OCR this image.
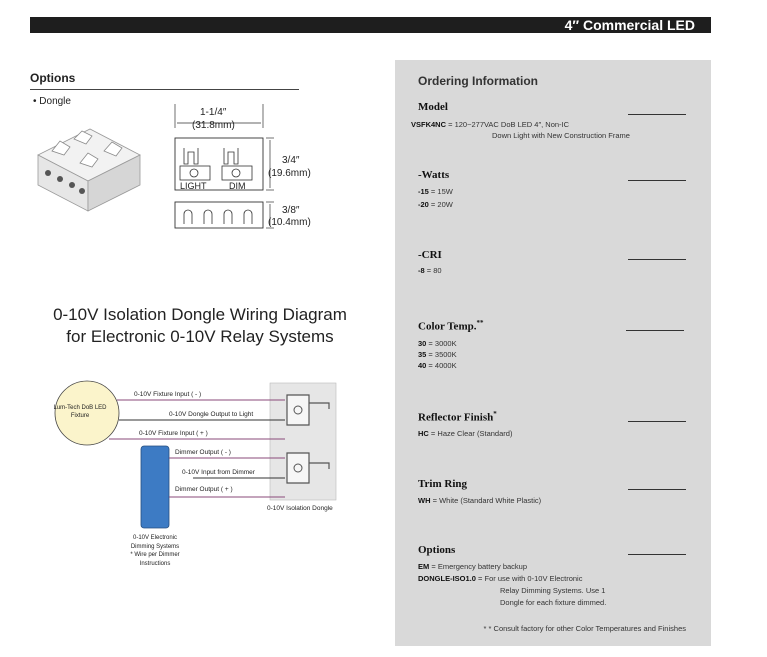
4″ Commercial LED
Options
• Dongle
1-1/4″
(31.8mm)
3/4″
(19.6mm)
3/8″
(10.4mm)
LIGHT DIM
0-10V Isolation Dongle Wiring Diagram
for Electronic 0-10V Relay Systems
Lum-Tech DoB LED Fixture
0-10V Fixture Input ( - )
0-10V Dongle Output to Light
0-10V Fixture Input ( + )
Dimmer Output ( - )
0-10V Input from Dimmer
Dimmer Output ( + )
0-10V Isolation Dongle
0-10V Electronic
Dimming Systems
* Wire per Dimmer
Instructions
Ordering Information
Model
VSFK4NC = 120~277VAC DoB LED 4″, Non-IC
Down Light with New Construction Frame
-Watts
-15 = 15W
-20 = 20W
-CRI
-8 = 80
Color Temp.**
30 = 3000K
35 = 3500K
40 = 4000K
Reflector Finish*
HC = Haze Clear (Standard)
Trim Ring
WH = White (Standard White Plastic)
Options
EM = Emergency battery backup
DONGLE-ISO1.0 = For use with 0-10V Electronic
Relay Dimming Systems. Use 1
Dongle for each fixture dimmed.
* * Consult factory for other Color Temperatures and Finishes
